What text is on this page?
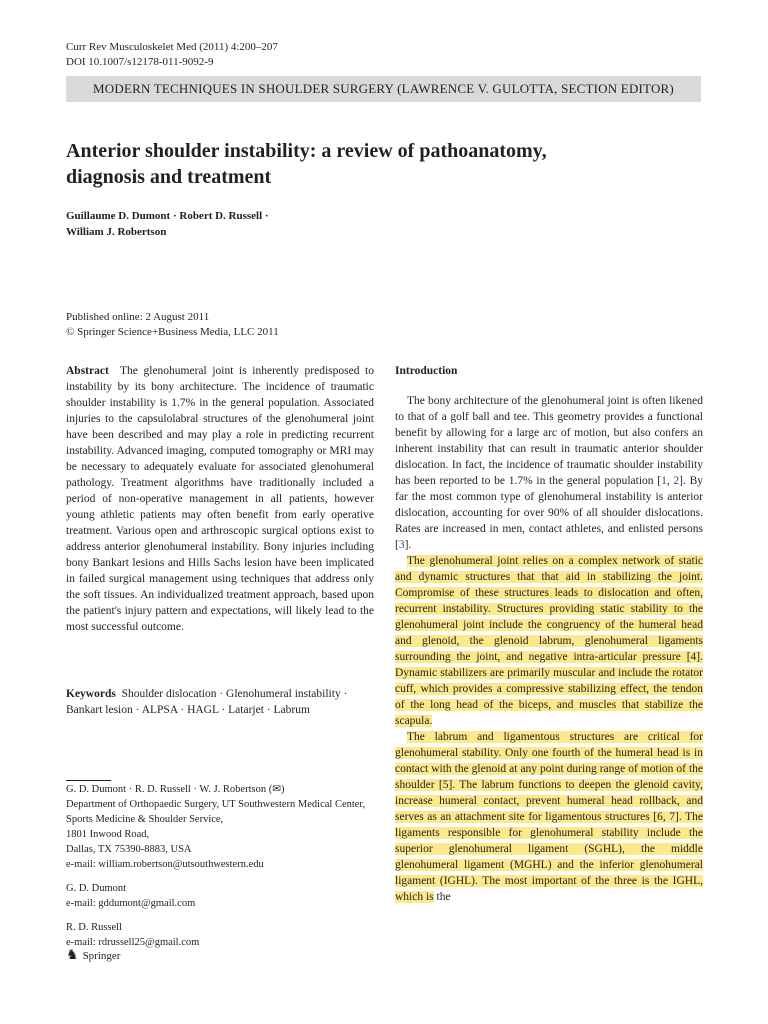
Curr Rev Musculoskelet Med (2011) 4:200–207
DOI 10.1007/s12178-011-9092-9
MODERN TECHNIQUES IN SHOULDER SURGERY (LAWRENCE V. GULOTTA, SECTION EDITOR)
Anterior shoulder instability: a review of pathoanatomy,
diagnosis and treatment
Guillaume D. Dumont · Robert D. Russell ·
William J. Robertson
Published online: 2 August 2011
© Springer Science+Business Media, LLC 2011

Abstract The glenohumeral joint is inherently predisposed to instability by its bony architecture. The incidence of traumatic shoulder instability is 1.7% in the general population. Associated injuries to the capsulolabral structures of the glenohumeral joint have been described and may play a role in predicting recurrent instability. Advanced imaging, computed tomography or MRI may be necessary to adequately evaluate for associated glenohumeral pathology. Treatment algorithms have traditionally included a period of non-operative management in all patients, however young athletic patients may often benefit from early operative treatment. Various open and arthroscopic surgical options exist to address anterior glenohumeral instability. Bony injuries including bony Bankart lesions and Hills Sachs lesion have been implicated in failed surgical management using techniques that address only the soft tissues. An individualized treatment approach, based upon the patient's injury pattern and expectations, will likely lead to the most successful outcome.

Keywords Shoulder dislocation · Glenohumeral instability · Bankart lesion · ALPSA · HAGL · Latarjet · Labrum

G. D. Dumont · R. D. Russell · W. J. Robertson (✉)

Department of Orthopaedic Surgery, UT Southwestern Medical Center, Sports Medicine & Shoulder Service,

1801 Inwood Road,

Dallas, TX 75390-8883, USA

e-mail: william.robertson@utsouthwestern.edu

G. D. Dumont

e-mail: gddumont@gmail.com

R. D. Russell

e-mail: rdrussell25@gmail.com

Introduction

The bony architecture of the glenohumeral joint is often likened to that of a golf ball and tee. This geometry provides a functional benefit by allowing for a large arc of motion, but also confers an inherent instability that can result in traumatic anterior shoulder dislocation. In fact, the incidence of traumatic shoulder instability has been reported to be 1.7% in the general population [1, 2]. By far the most common type of glenohumeral instability is anterior dislocation, accounting for over 90% of all shoulder dislocations. Rates are increased in men, contact athletes, and enlisted persons [3].

The glenohumeral joint relies on a complex network of static and dynamic structures that that aid in stabilizing the joint. Compromise of these structures leads to dislocation and often, recurrent instability. Structures providing static stability to the glenohumeral joint include the congruency of the humeral head and glenoid, the glenoid labrum, glenohumeral ligaments surrounding the joint, and negative intra-articular pressure [4]. Dynamic stabilizers are primarily muscular and include the rotator cuff, which provides a compressive stabilizing effect, the tendon of the long head of the biceps, and muscles that stabilize the scapula.

The labrum and ligamentous structures are critical for glenohumeral stability. Only one fourth of the humeral head is in contact with the glenoid at any point during range of motion of the shoulder [5]. The labrum functions to deepen the glenoid cavity, increase humeral contact, prevent humeral head rollback, and serves as an attachment site for ligamentous structures [6, 7]. The ligaments responsible for glenohumeral stability include the superior glenohumeral ligament (SGHL), the middle glenohumeral ligament (MGHL) and the inferior glenohumeral ligament (IGHL). The most important of the three is the IGHL, which is the

♞ Springer
